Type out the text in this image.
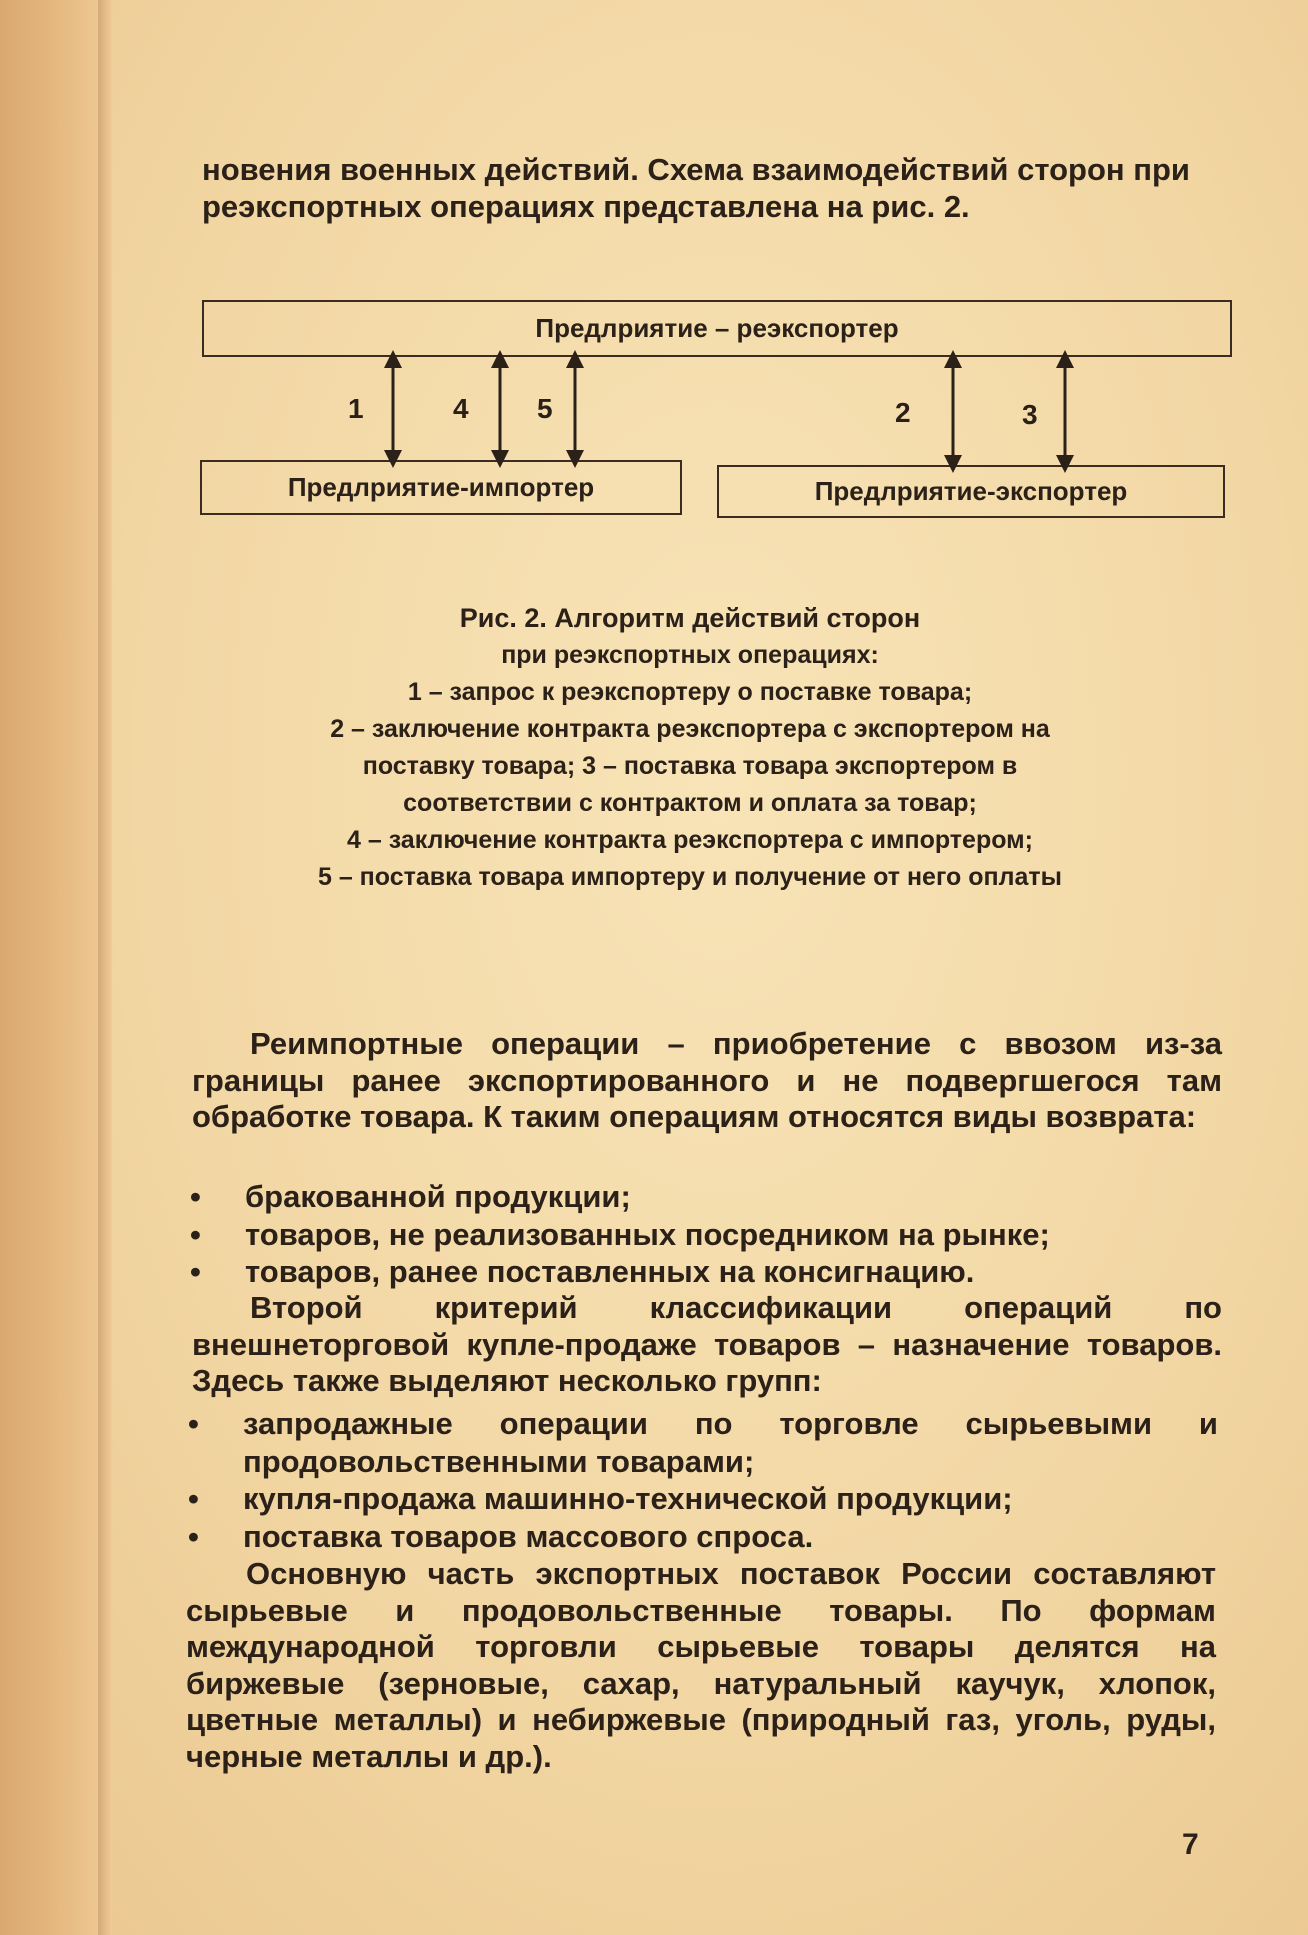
новения военных действий. Схема взаимодействий сторон при реэкспортных операциях представлена на рис. 2.

Предлриятие – реэкспортер
Предлриятие-импортер	Предлриятие-экспортер
1	4 5	2	3
Рис. 2. Алгоритм действий сторон
при реэкспортных операциях:
1 – запрос к реэкспортеру о поставке товара;
2 – заключение контракта реэкспортера с экспортером на
поставку товара; 3 – поставка товара экспортером в
соответствии с контрактом и оплата за товар;
4 – заключение контракта реэкспортера с импортером;
5 – поставка товара импортеру и получение от него оплаты

Реимпортные операции – приобретение с ввозом из-за границы ранее экспортированного и не подвергшегося там обработке товара. К таким операциям относятся виды возврата:

•	бракованной продукции;
•	товаров, не реализованных посредником на рынке;
•	товаров, ранее поставленных на консигнацию.

Второй критерий классификации операций по внешнеторговой купле-продаже товаров – назначение товаров. Здесь также выделяют несколько групп:

•	запродажные операции по торговле сырьевыми и продовольственными товарами;
•	купля-продажа машинно-технической продукции;
•	поставка товаров массового спроса.

Основную часть экспортных поставок России составляют сырьевые и продовольственные товары. По формам международной торговли сырьевые товары делятся на биржевые (зерновые, сахар, натуральный каучук, хлопок, цветные металлы) и небиржевые (природный газ, уголь, руды, черные металлы и др.).

7
